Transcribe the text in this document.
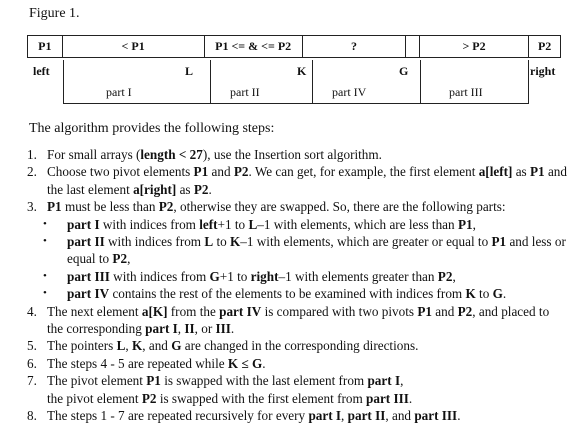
Figure 1.
P1	< P1	P1 <= & <= P2	?	> P2	P2
left	L	K	G	right
part I	part II	part IV	part III
The algorithm provides the following steps:
1. For small arrays (length < 27), use the Insertion sort algorithm.
2. Choose two pivot elements P1 and P2. We can get, for example, the first element a[left] as P1 and the last element a[right] as P2.
3. P1 must be less than P2, otherwise they are swapped. So, there are the following parts:
•	part I with indices from left+1 to L–1 with elements, which are less than P1,
•	part II with indices from L to K–1 with elements, which are greater or equal to P1 and less or equal to P2,
•	part III with indices from G+1 to right–1 with elements greater than P2,
•	part IV contains the rest of the elements to be examined with indices from K to G.
4. The next element a[K] from the part IV is compared with two pivots P1 and P2, and placed to the corresponding part I, II, or III.
5. The pointers L, K, and G are changed in the corresponding directions.
6. The steps 4 - 5 are repeated while K ≤ G.
7. The pivot element P1 is swapped with the last element from part I,
the pivot element P2 is swapped with the first element from part III.
8. The steps 1 - 7 are repeated recursively for every part I, part II, and part III.
